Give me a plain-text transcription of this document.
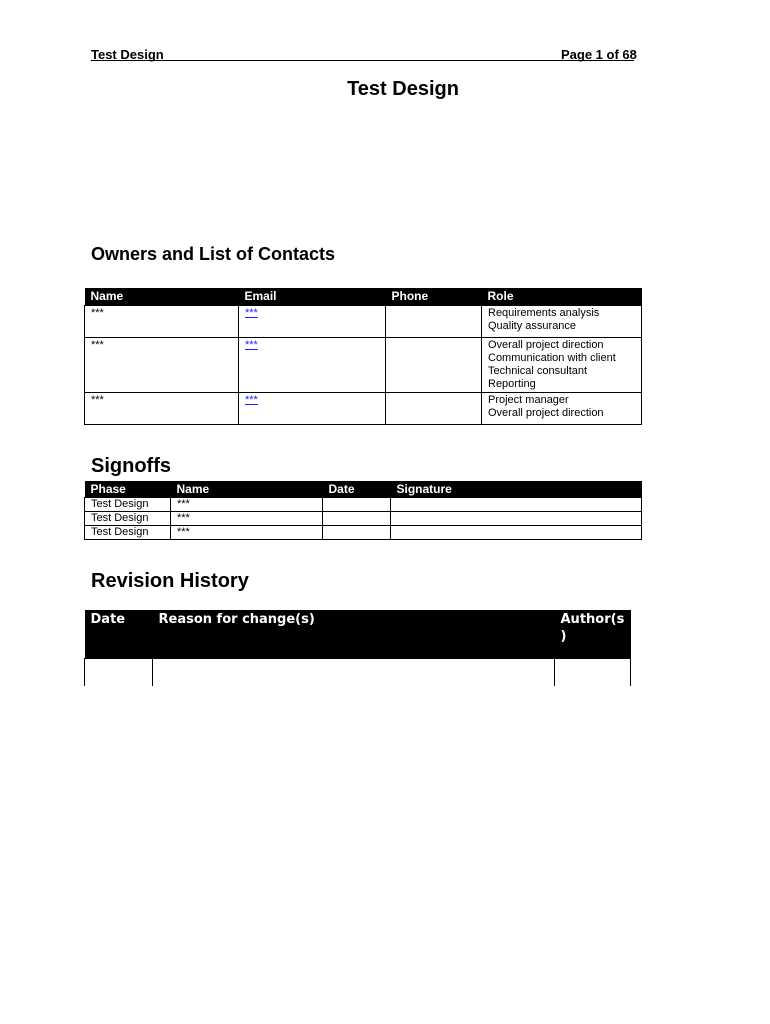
Test Design	Page 1 of 68
Test Design
Owners and List of Contacts
Name	Email	Phone	Role
***	***		Requirements analysis
Quality assurance

***	***		Overall project direction
Communication with client
Technical consultant
Reporting

***	***		Project manager
Overall project direction
Signoffs
Phase	Name	Date	Signature
Test Design	***		
Test Design	***		
Test Design	***		
Revision History
Date	Reason for change(s)	Author(s
)
